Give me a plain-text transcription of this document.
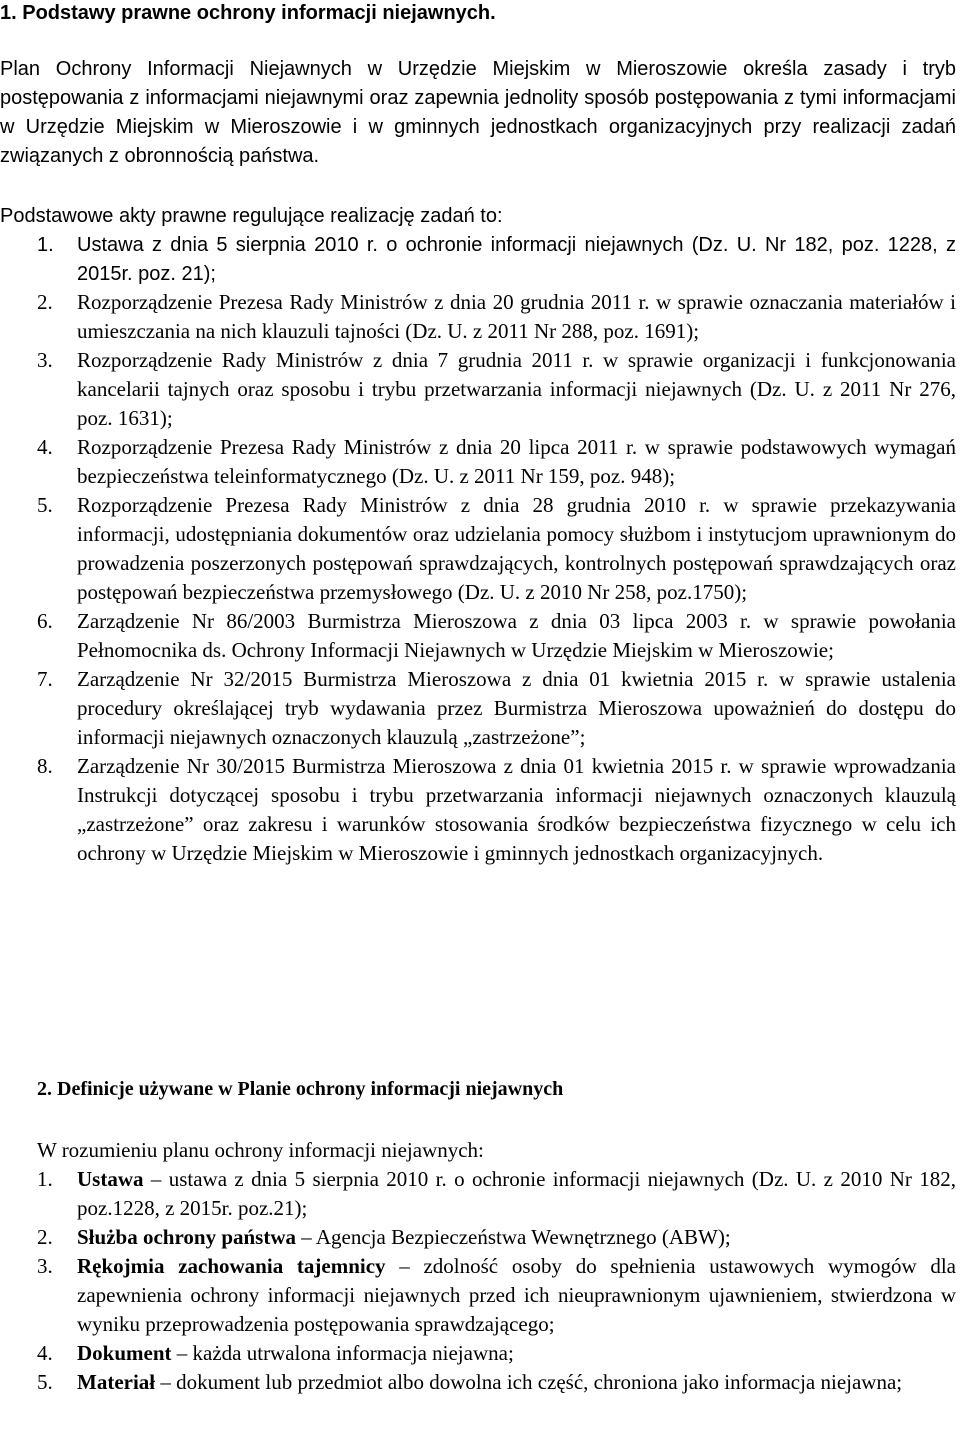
1. Podstawy prawne ochrony informacji niejawnych.

Plan Ochrony Informacji Niejawnych w Urzędzie Miejskim w Mieroszowie określa zasady i tryb postępowania z informacjami niejawnymi oraz zapewnia jednolity sposób postępowania z tymi informacjami w Urzędzie Miejskim w Mieroszowie i w gminnych jednostkach organizacyjnych przy realizacji zadań związanych z obronnością państwa.

Podstawowe akty prawne regulujące realizację zadań to:

1. Ustawa z dnia 5 sierpnia 2010 r. o ochronie informacji niejawnych (Dz. U. Nr 182, poz. 1228, z 2015r. poz. 21);
2. Rozporządzenie Prezesa Rady Ministrów z dnia 20 grudnia 2011 r. w sprawie oznaczania materiałów i umieszczania na nich klauzuli tajności (Dz. U. z 2011 Nr 288, poz. 1691);
3. Rozporządzenie Rady Ministrów z dnia 7 grudnia 2011 r. w sprawie organizacji i funkcjonowania kancelarii tajnych oraz sposobu i trybu przetwarzania informacji niejawnych (Dz. U. z 2011 Nr 276, poz. 1631);
4. Rozporządzenie Prezesa Rady Ministrów z dnia 20 lipca 2011 r. w sprawie podstawowych wymagań bezpieczeństwa teleinformatycznego (Dz. U. z 2011 Nr 159, poz. 948);
5. Rozporządzenie Prezesa Rady Ministrów z dnia 28 grudnia 2010 r. w sprawie przekazywania informacji, udostępniania dokumentów oraz udzielania pomocy służbom i instytucjom uprawnionym do prowadzenia poszerzonych postępowań sprawdzających, kontrolnych postępowań sprawdzających oraz postępowań bezpieczeństwa przemysłowego (Dz. U. z 2010 Nr 258, poz.1750);
6. Zarządzenie Nr 86/2003 Burmistrza Mieroszowa z dnia 03 lipca 2003 r. w sprawie powołania Pełnomocnika ds. Ochrony Informacji Niejawnych w Urzędzie Miejskim w Mieroszowie;
7. Zarządzenie Nr 32/2015 Burmistrza Mieroszowa z dnia 01 kwietnia 2015 r. w sprawie ustalenia procedury określającej tryb wydawania przez Burmistrza Mieroszowa upoważnień do dostępu do informacji niejawnych oznaczonych klauzulą „zastrzeżone”;
8. Zarządzenie Nr 30/2015 Burmistrza Mieroszowa z dnia 01 kwietnia 2015 r. w sprawie wprowadzania Instrukcji dotyczącej sposobu i trybu przetwarzania informacji niejawnych oznaczonych klauzulą „zastrzeżone” oraz zakresu i warunków stosowania środków bezpieczeństwa fizycznego w celu ich ochrony w Urzędzie Miejskim w Mieroszowie i gminnych jednostkach organizacyjnych.
2. Definicje używane w Planie ochrony informacji niejawnych

W rozumieniu planu ochrony informacji niejawnych:

1. Ustawa – ustawa z dnia 5 sierpnia 2010 r. o ochronie informacji niejawnych (Dz. U. z 2010 Nr 182, poz.1228, z 2015r. poz.21);
2. Służba ochrony państwa – Agencja Bezpieczeństwa Wewnętrznego (ABW);
3. Rękojmia zachowania tajemnicy – zdolność osoby do spełnienia ustawowych wymogów dla zapewnienia ochrony informacji niejawnych przed ich nieuprawnionym ujawnieniem, stwierdzona w wyniku przeprowadzenia postępowania sprawdzającego;
4. Dokument – każda utrwalona informacja niejawna;
5. Materiał – dokument lub przedmiot albo dowolna ich część, chroniona jako informacja niejawna;
